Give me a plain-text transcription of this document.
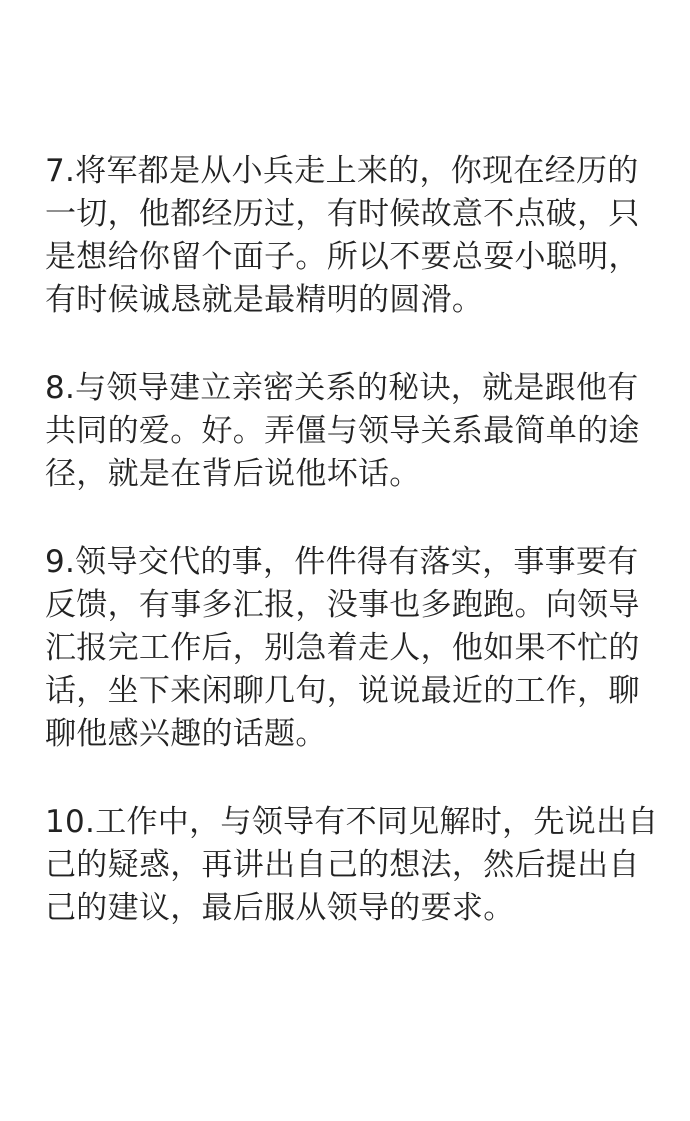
7.将军都是从小兵走上来的，你现在经历的
一切，他都经历过，有时候故意不点破，只
是想给你留个面子。所以不要总耍小聪明，
有时候诚恳就是最精明的圆滑。
8.与领导建立亲密关系的秘诀，就是跟他有
共同的爱。好。弄僵与领导关系最简单的途
径，就是在背后说他坏话。
9.领导交代的事，件件得有落实，事事要有
反馈，有事多汇报，没事也多跑跑。向领导
汇报完工作后，别急着走人，他如果不忙的
话，坐下来闲聊几句，说说最近的工作，聊
聊他感兴趣的话题。
10.工作中，与领导有不同见解时，先说出自
己的疑惑，再讲出自己的想法，然后提出自
己的建议，最后服从领导的要求。
